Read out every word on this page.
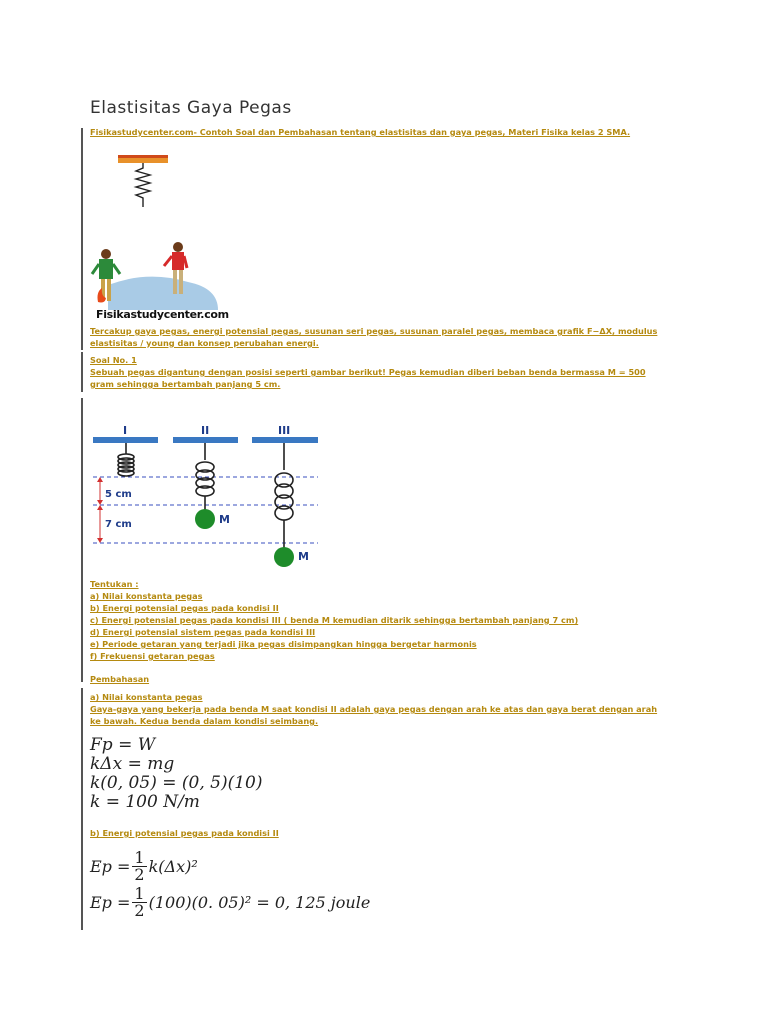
Elastisitas Gaya Pegas
Fisikastudycenter.com- Contoh Soal dan Pembahasan tentang elastisitas dan gaya pegas, Materi Fisika kelas 2 SMA.
Fisikastudycenter.com
Tercakup gaya pegas, energi potensial pegas, susunan seri pegas, susunan paralel pegas, membaca grafik F−ΔX, modulus
elastisitas / young dan konsep perubahan energi.
Soal No. 1
Sebuah pegas digantung dengan posisi seperti gambar berikut! Pegas kemudian diberi beban benda bermassa M = 500
gram sehingga bertambah panjang 5 cm.
I	II	III
5 cm
7 cm	M
M
Tentukan :
a) Nilai konstanta pegas
b) Energi potensial pegas pada kondisi II
c) Energi potensial pegas pada kondisi III ( benda M kemudian ditarik sehingga bertambah panjang 7 cm)
d) Energi potensial sistem pegas pada kondisi III
e) Periode getaran yang terjadi jika pegas disimpangkan hingga bergetar harmonis
f) Frekuensi getaran pegas
Pembahasan
a) Nilai konstanta pegas
Gaya-gaya yang bekerja pada benda M saat kondisi II adalah gaya pegas dengan arah ke atas dan gaya berat dengan arah
ke bawah. Kedua benda dalam kondisi seimbang.
Fp = W
kΔx = mg
k(0, 05) = (0, 5)(10)
k = 100 N/m
b) Energi potensial pegas pada kondisi II
$Ep = \frac{1}{2} k(\Delta x)^2$
$Ep = \frac{1}{2} (100)(0$. 05)² = 0, 125 joule
